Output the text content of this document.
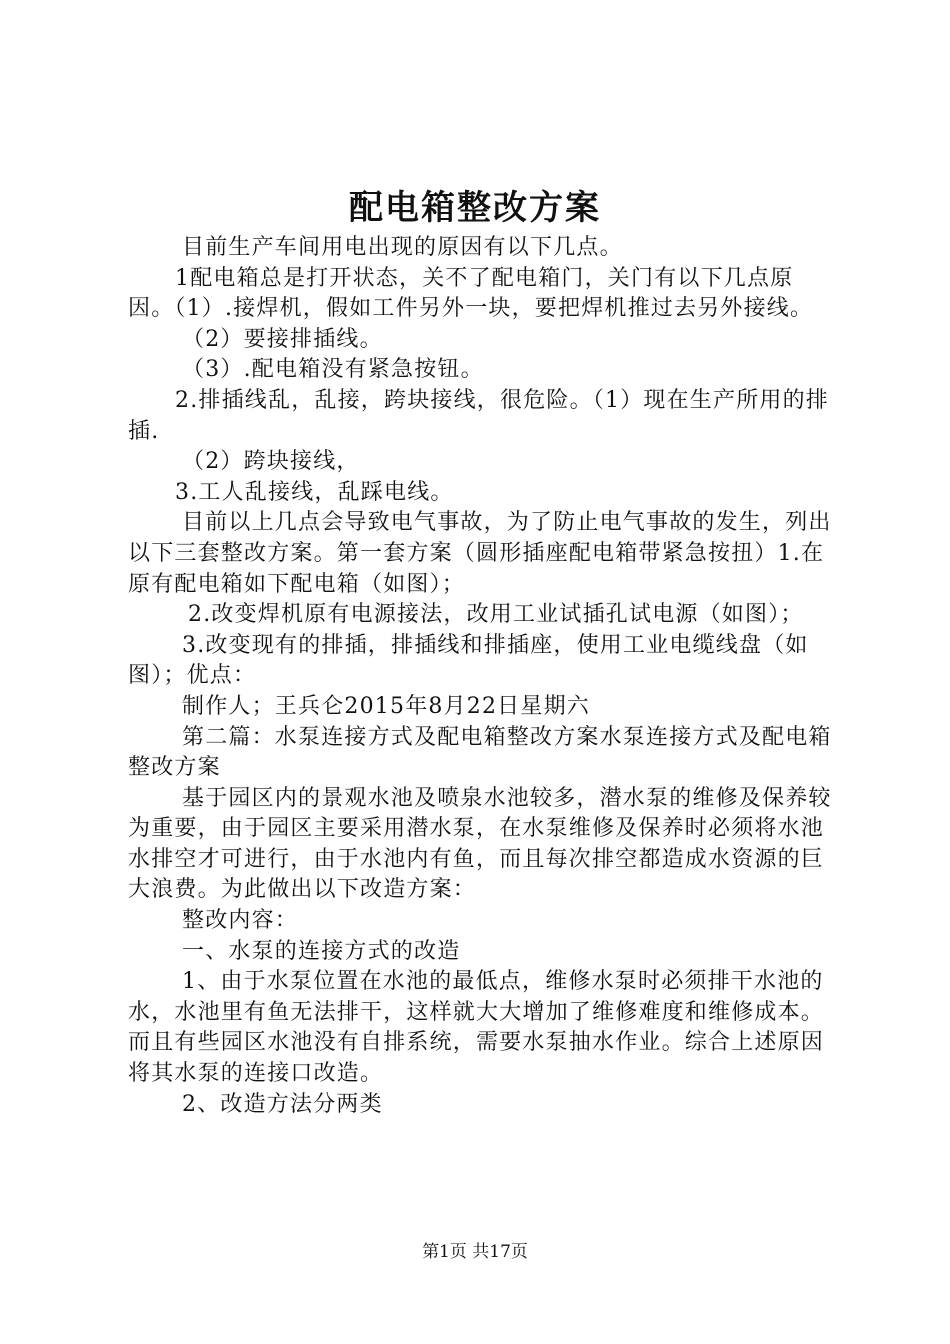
配电箱整改方案

目前生产车间用电出现的原因有以下几点。

1配电箱总是打开状态，关不了配电箱门，关门有以下几点原因。（1）.接焊机，假如工件另外一块，要把焊机推过去另外接线。

（2）要接排插线。

（3）.配电箱没有紧急按钮。

2.排插线乱，乱接，跨块接线，很危险。（1）现在生产所用的排插.

（2）跨块接线，

3.工人乱接线，乱踩电线。

目前以上几点会导致电气事故，为了防止电气事故的发生，列出以下三套整改方案。第一套方案（圆形插座配电箱带紧急按扭）1.在原有配电箱如下配电箱（如图）；

2.改变焊机原有电源接法，改用工业试插孔试电源（如图）；

3.改变现有的排插，排插线和排插座，使用工业电缆线盘（如图）；优点：

制作人；王兵仑2015年8月22日星期六

第二篇：水泵连接方式及配电箱整改方案水泵连接方式及配电箱整改方案

基于园区内的景观水池及喷泉水池较多，潜水泵的维修及保养较为重要，由于园区主要采用潜水泵，在水泵维修及保养时必须将水池水排空才可进行，由于水池内有鱼，而且每次排空都造成水资源的巨大浪费。为此做出以下改造方案：

整改内容：

一、水泵的连接方式的改造

1、由于水泵位置在水池的最低点，维修水泵时必须排干水池的水，水池里有鱼无法排干，这样就大大增加了维修难度和维修成本。而且有些园区水池没有自排系统，需要水泵抽水作业。综合上述原因将其水泵的连接口改造。

2、改造方法分两类

第1页 共17页
